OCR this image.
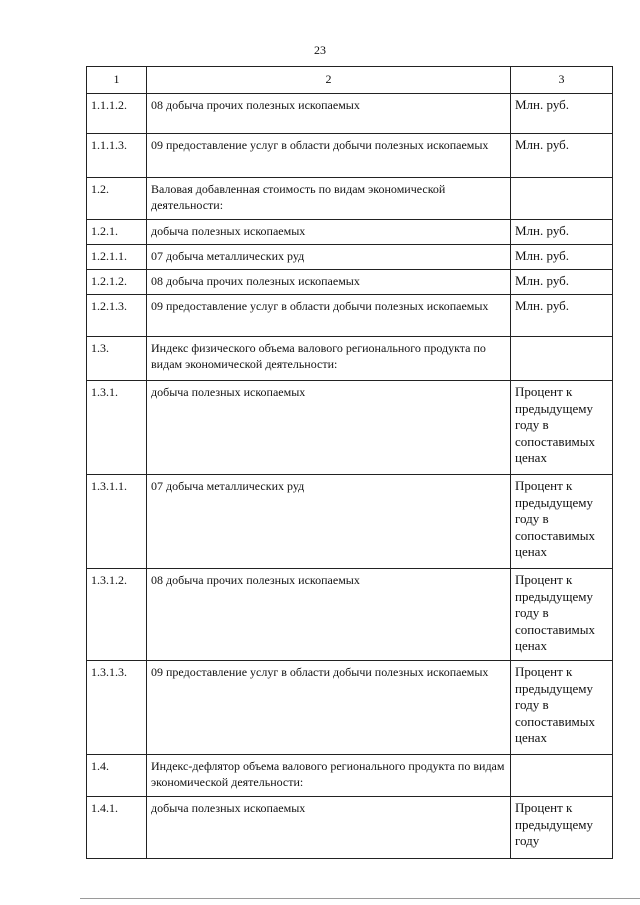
23
1	2	3
1.1.1.2.	08 добыча прочих полезных ископаемых	Млн. руб.
1.1.1.3.	09 предоставление услуг в области добычи полезных ископаемых	Млн. руб.
1.2.	Валовая добавленная стоимость по видам экономической деятельности:	
1.2.1.	добыча полезных ископаемых	Млн. руб.
1.2.1.1.	07 добыча металлических руд	Млн. руб.
1.2.1.2.	08 добыча прочих полезных ископаемых	Млн. руб.
1.2.1.3.	09 предоставление услуг в области добычи полезных ископаемых	Млн. руб.
1.3.	Индекс физического объема валового регионального продукта по видам экономической деятельности:	
1.3.1.	добыча полезных ископаемых	Процент к предыдущему году в сопоставимых ценах
1.3.1.1.	07 добыча металлических руд	Процент к предыдущему году в сопоставимых ценах
1.3.1.2.	08 добыча прочих полезных ископаемых	Процент к предыдущему году в сопоставимых ценах
1.3.1.3.	09 предоставление услуг в области добычи полезных ископаемых	Процент к предыдущему году в сопоставимых ценах
1.4.	Индекс-дефлятор объема валового регионального продукта по видам экономической деятельности:	
1.4.1.	добыча полезных ископаемых	Процент к предыдущему году
